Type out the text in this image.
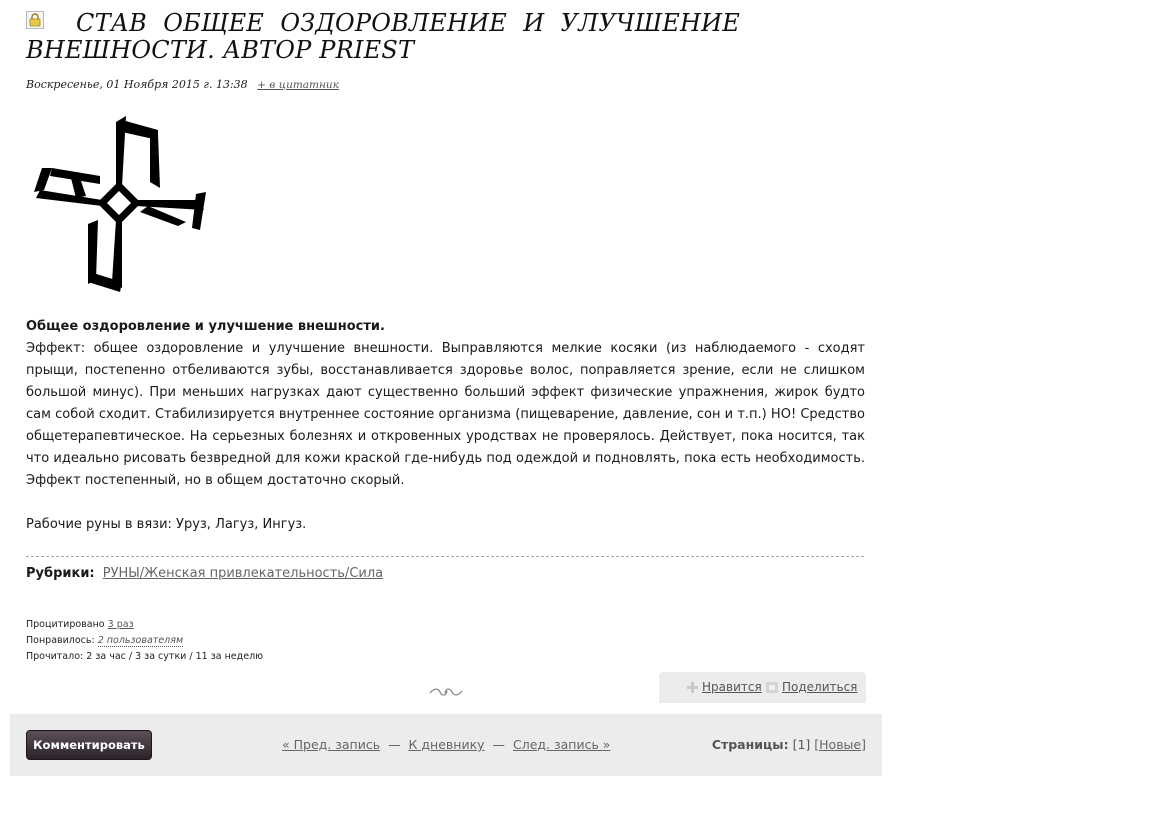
СТАВ ОБЩЕЕ ОЗДОРОВЛЕНИЕ И УЛУЧШЕНИЕ ВНЕШНОСТИ. АВТОР PRIEST
Воскресенье, 01 Ноября 2015 г. 13:38 + в цитатник

Общее оздоровление и улучшение внешности.

Эффект: общее оздоровление и улучшение внешности. Выправляются мелкие косяки (из наблюдаемого - сходят прыщи, постепенно отбеливаются зубы, восстанавливается здоровье волос, поправляется зрение, если не слишком большой минус). При меньших нагрузках дают существенно больший эффект физические упражнения, жирок будто сам собой сходит. Стабилизируется внутреннее состояние организма (пищеварение, давление, сон и т.п.) НО! Средство общетерапевтическое. На серьезных болезнях и откровенных уродствах не проверялось. Действует, пока носится, так что идеально рисовать безвредной для кожи краской где-нибудь под одеждой и подновлять, пока есть необходимость. Эффект постепенный, но в общем достаточно скорый.

Рабочие руны в вязи: Уруз, Лагуз, Ингуз.

Рубрики: РУНЫ/Женская привлекательность/Сила
Процитировано 3 раз
Понравилось: 2 пользователям
Прочитало: 2 за час / 3 за сутки / 11 за неделю
Нравится	Поделиться
Комментировать	« Пред. запись — К дневнику — След. запись »	Страницы: [1] [Новые]
